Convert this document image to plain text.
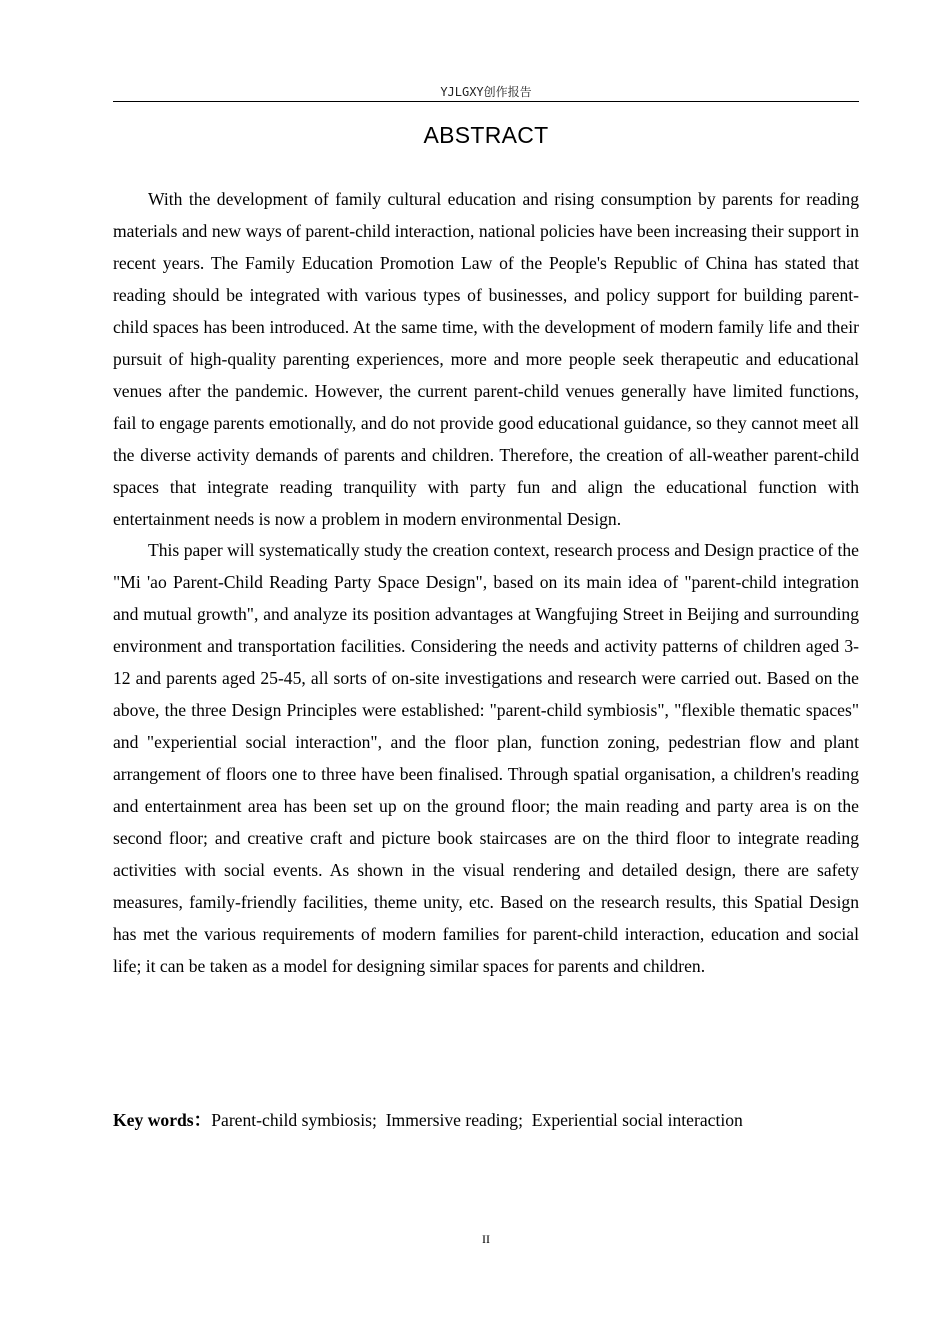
YJLGXY创作报告
ABSTRACT

With the development of family cultural education and rising consumption by parents for reading materials and new ways of parent-child interaction, national policies have been increasing their support in recent years. The Family Education Promotion Law of the People's Republic of China has stated that reading should be integrated with various types of businesses, and policy support for building parent-child spaces has been introduced. At the same time, with the development of modern family life and their pursuit of high-quality parenting experiences, more and more people seek therapeutic and educational venues after the pandemic. However, the current parent-child venues generally have limited functions, fail to engage parents emotionally, and do not provide good educational guidance, so they cannot meet all the diverse activity demands of parents and children. Therefore, the creation of all-weather parent-child spaces that integrate reading tranquility with party fun and align the educational function with entertainment needs is now a problem in modern environmental Design.

This paper will systematically study the creation context, research process and Design practice of the "Mi 'ao Parent-Child Reading Party Space Design", based on its main idea of "parent-child integration and mutual growth", and analyze its position advantages at Wangfujing Street in Beijing and surrounding environment and transportation facilities. Considering the needs and activity patterns of children aged 3-12 and parents aged 25-45, all sorts of on-site investigations and research were carried out. Based on the above, the three Design Principles were established: "parent-child symbiosis", "flexible thematic spaces" and "experiential social interaction", and the floor plan, function zoning, pedestrian flow and plant arrangement of floors one to three have been finalised. Through spatial organisation, a children's reading and entertainment area has been set up on the ground floor; the main reading and party area is on the second floor; and creative craft and picture book staircases are on the third floor to integrate reading activities with social events. As shown in the visual rendering and detailed design, there are safety measures, family-friendly facilities, theme unity, etc. Based on the research results, this Spatial Design has met the various requirements of modern families for parent-child interaction, education and social life; it can be taken as a model for designing similar spaces for parents and children.

Key words：Parent-child symbiosis; Immersive reading; Experiential social interaction
II
